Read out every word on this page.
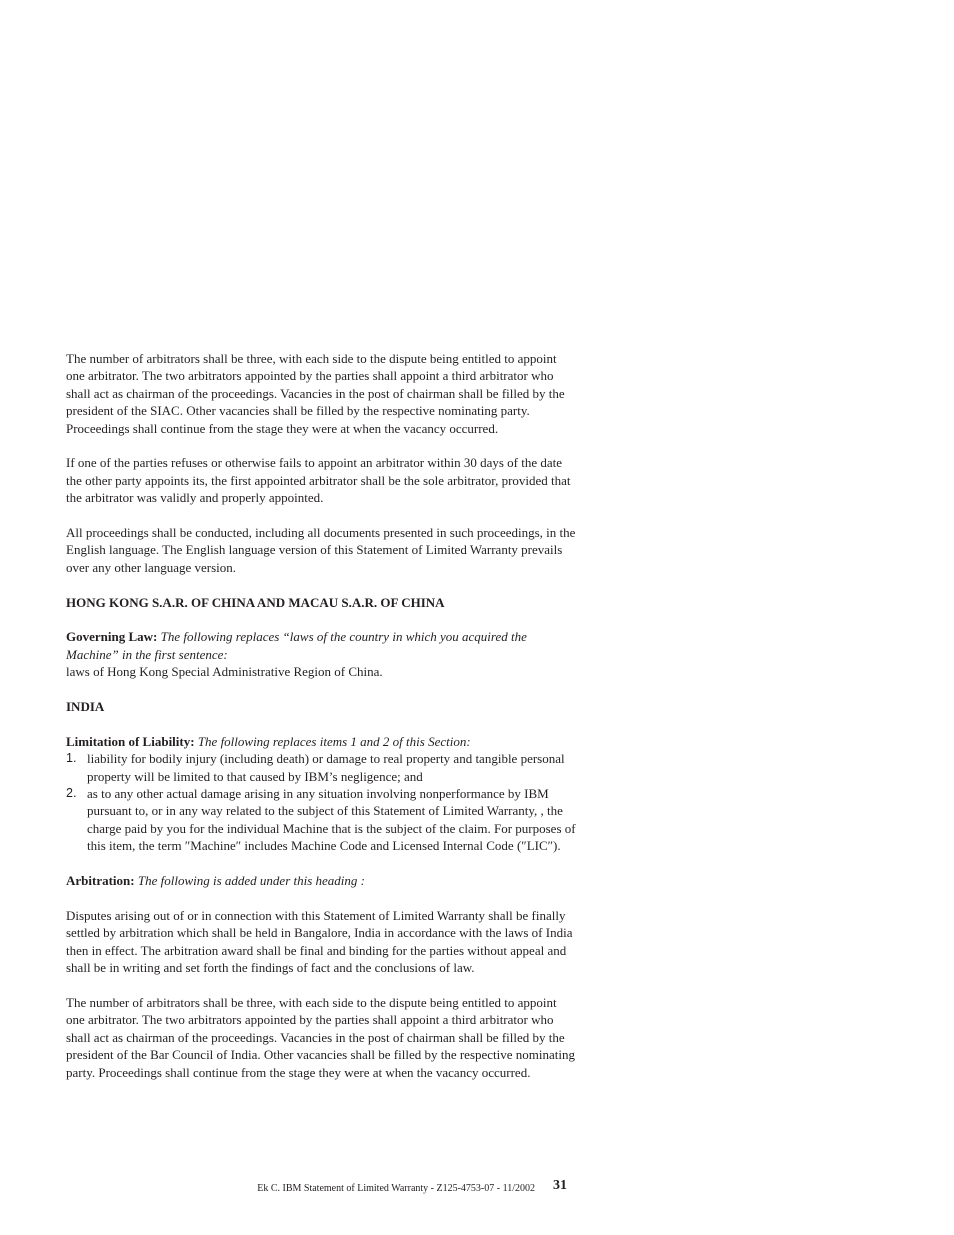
The number of arbitrators shall be three, with each side to the dispute being entitled to appoint one arbitrator. The two arbitrators appointed by the parties shall appoint a third arbitrator who shall act as chairman of the proceedings. Vacancies in the post of chairman shall be filled by the president of the SIAC. Other vacancies shall be filled by the respective nominating party. Proceedings shall continue from the stage they were at when the vacancy occurred.

If one of the parties refuses or otherwise fails to appoint an arbitrator within 30 days of the date the other party appoints its, the first appointed arbitrator shall be the sole arbitrator, provided that the arbitrator was validly and properly appointed.

All proceedings shall be conducted, including all documents presented in such proceedings, in the English language. The English language version of this Statement of Limited Warranty prevails over any other language version.

HONG KONG S.A.R. OF CHINA AND MACAU S.A.R. OF CHINA

Governing Law: The following replaces “laws of the country in which you acquired the Machine” in the first sentence:

laws of Hong Kong Special Administrative Region of China.

INDIA

Limitation of Liability: The following replaces items 1 and 2 of this Section:

1. liability for bodily injury (including death) or damage to real property and tangible personal property will be limited to that caused by IBM’s negligence; and
2. as to any other actual damage arising in any situation involving nonperformance by IBM pursuant to, or in any way related to the subject of this Statement of Limited Warranty, , the charge paid by you for the individual Machine that is the subject of the claim. For purposes of this item, the term ″Machine″ includes Machine Code and Licensed Internal Code (″LIC″).

Arbitration: The following is added under this heading :

Disputes arising out of or in connection with this Statement of Limited Warranty shall be finally settled by arbitration which shall be held in Bangalore, India in accordance with the laws of India then in effect. The arbitration award shall be final and binding for the parties without appeal and shall be in writing and set forth the findings of fact and the conclusions of law.

The number of arbitrators shall be three, with each side to the dispute being entitled to appoint one arbitrator. The two arbitrators appointed by the parties shall appoint a third arbitrator who shall act as chairman of the proceedings. Vacancies in the post of chairman shall be filled by the president of the Bar Council of India. Other vacancies shall be filled by the respective nominating party. Proceedings shall continue from the stage they were at when the vacancy occurred.

Ek C. IBM Statement of Limited Warranty - Z125-4753-07 - 11/2002 31
